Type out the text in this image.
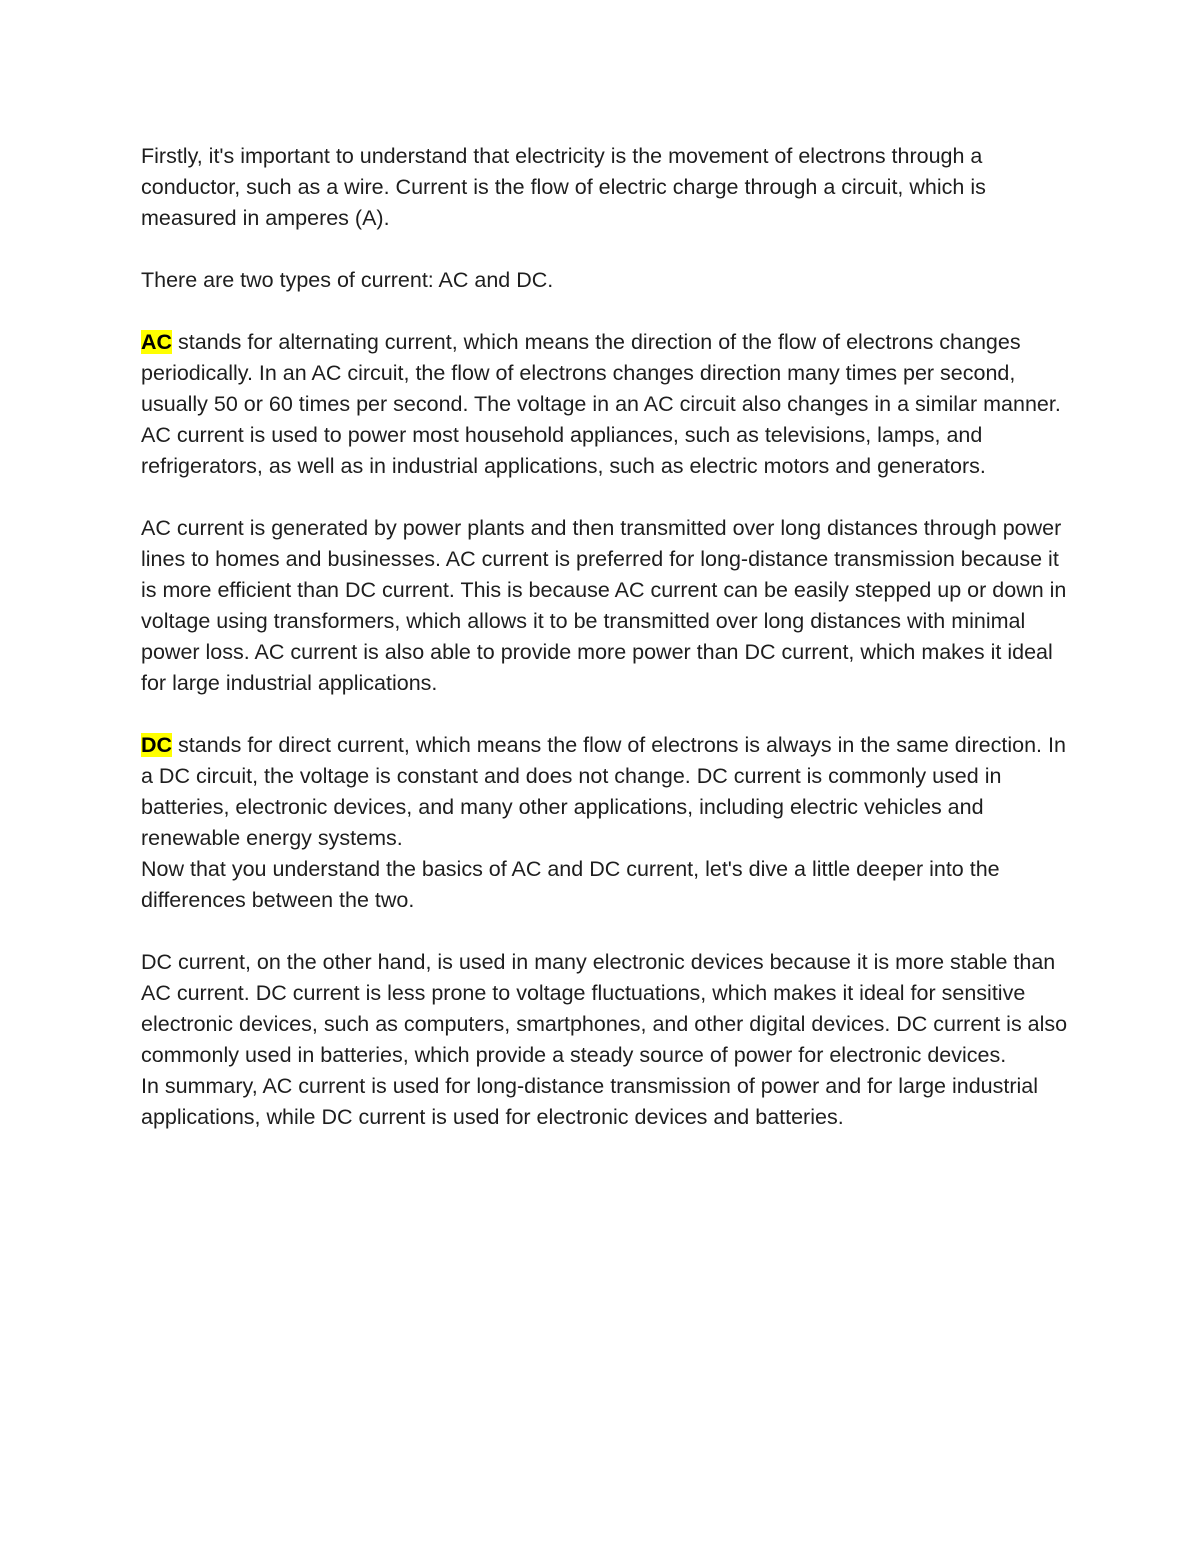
Firstly, it's important to understand that electricity is the movement of electrons through a conductor, such as a wire. Current is the flow of electric charge through a circuit, which is measured in amperes (A).

There are two types of current: AC and DC.

AC stands for alternating current, which means the direction of the flow of electrons changes periodically. In an AC circuit, the flow of electrons changes direction many times per second, usually 50 or 60 times per second. The voltage in an AC circuit also changes in a similar manner. AC current is used to power most household appliances, such as televisions, lamps, and refrigerators, as well as in industrial applications, such as electric motors and generators.

AC current is generated by power plants and then transmitted over long distances through power lines to homes and businesses. AC current is preferred for long-distance transmission because it is more efficient than DC current. This is because AC current can be easily stepped up or down in voltage using transformers, which allows it to be transmitted over long distances with minimal power loss. AC current is also able to provide more power than DC current, which makes it ideal for large industrial applications.

DC stands for direct current, which means the flow of electrons is always in the same direction. In a DC circuit, the voltage is constant and does not change. DC current is commonly used in batteries, electronic devices, and many other applications, including electric vehicles and renewable energy systems.

Now that you understand the basics of AC and DC current, let's dive a little deeper into the differences between the two.

DC current, on the other hand, is used in many electronic devices because it is more stable than AC current. DC current is less prone to voltage fluctuations, which makes it ideal for sensitive electronic devices, such as computers, smartphones, and other digital devices. DC current is also commonly used in batteries, which provide a steady source of power for electronic devices.

In summary, AC current is used for long-distance transmission of power and for large industrial applications, while DC current is used for electronic devices and batteries.
